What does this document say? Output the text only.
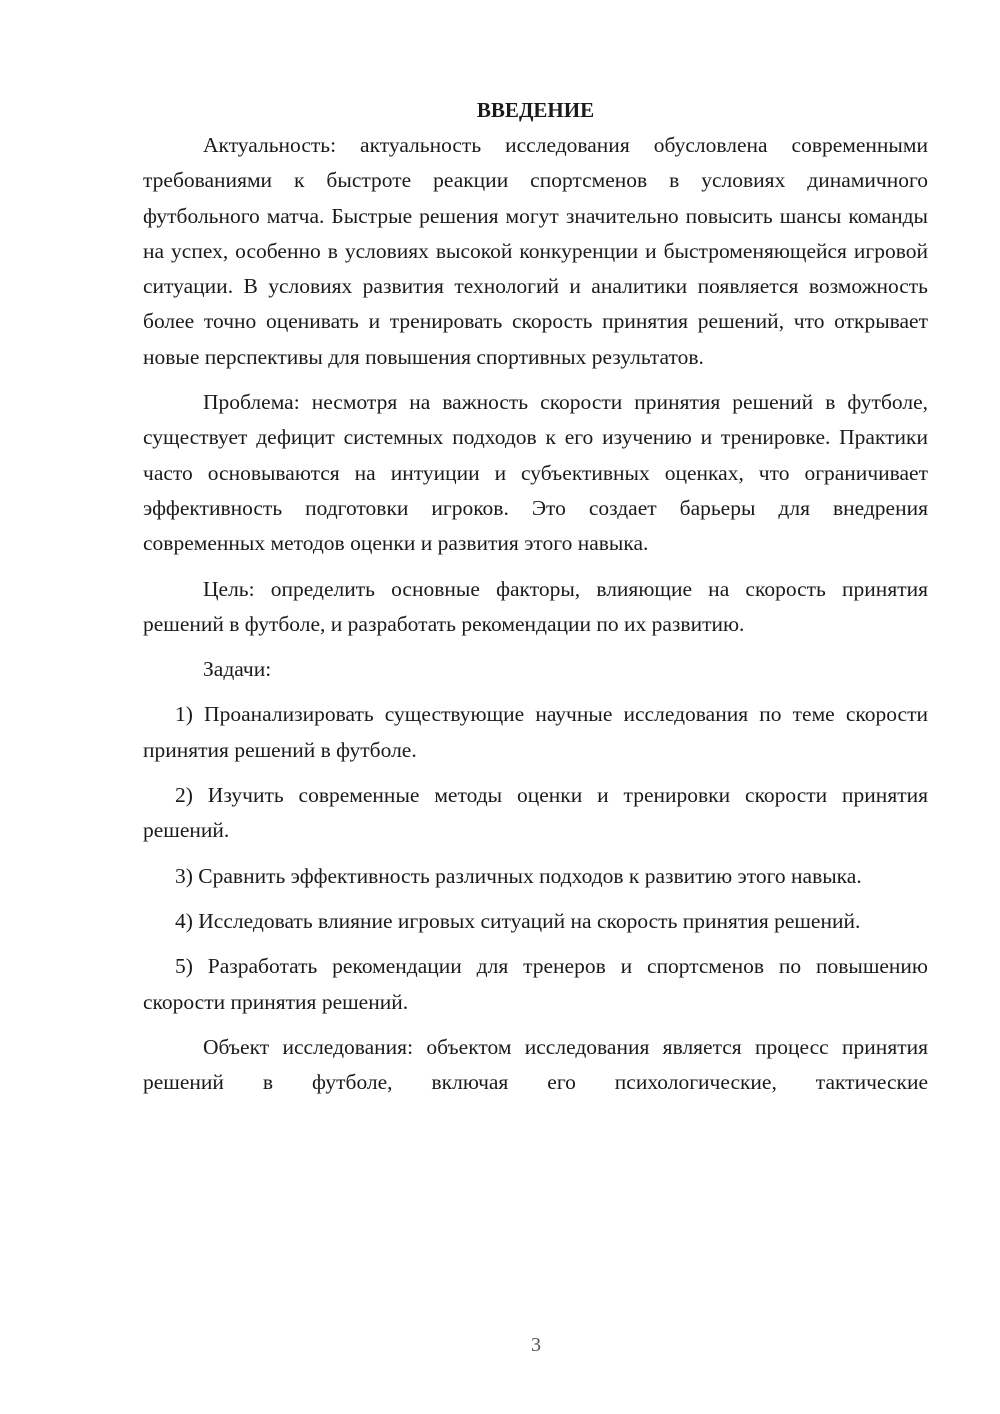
ВВЕДЕНИЕ

Актуальность: актуальность исследования обусловлена современными требованиями к быстроте реакции спортсменов в условиях динамичного футбольного матча. Быстрые решения могут значительно повысить шансы команды на успех, особенно в условиях высокой конкуренции и быстроменяющейся игровой ситуации. В условиях развития технологий и аналитики появляется возможность более точно оценивать и тренировать скорость принятия решений, что открывает новые перспективы для повышения спортивных результатов.

Проблема: несмотря на важность скорости принятия решений в футболе, существует дефицит системных подходов к его изучению и тренировке. Практики часто основываются на интуиции и субъективных оценках, что ограничивает эффективность подготовки игроков. Это создает барьеры для внедрения современных методов оценки и развития этого навыка.

Цель: определить основные факторы, влияющие на скорость принятия решений в футболе, и разработать рекомендации по их развитию.

Задачи:

1) Проанализировать существующие научные исследования по теме скорости принятия решений в футболе.

2) Изучить современные методы оценки и тренировки скорости принятия решений.

3) Сравнить эффективность различных подходов к развитию этого навыка.

4) Исследовать влияние игровых ситуаций на скорость принятия решений.

5) Разработать рекомендации для тренеров и спортсменов по повышению скорости принятия решений.

Объект исследования: объектом исследования является процесс принятия решений в футболе, включая его психологические, тактические

3
